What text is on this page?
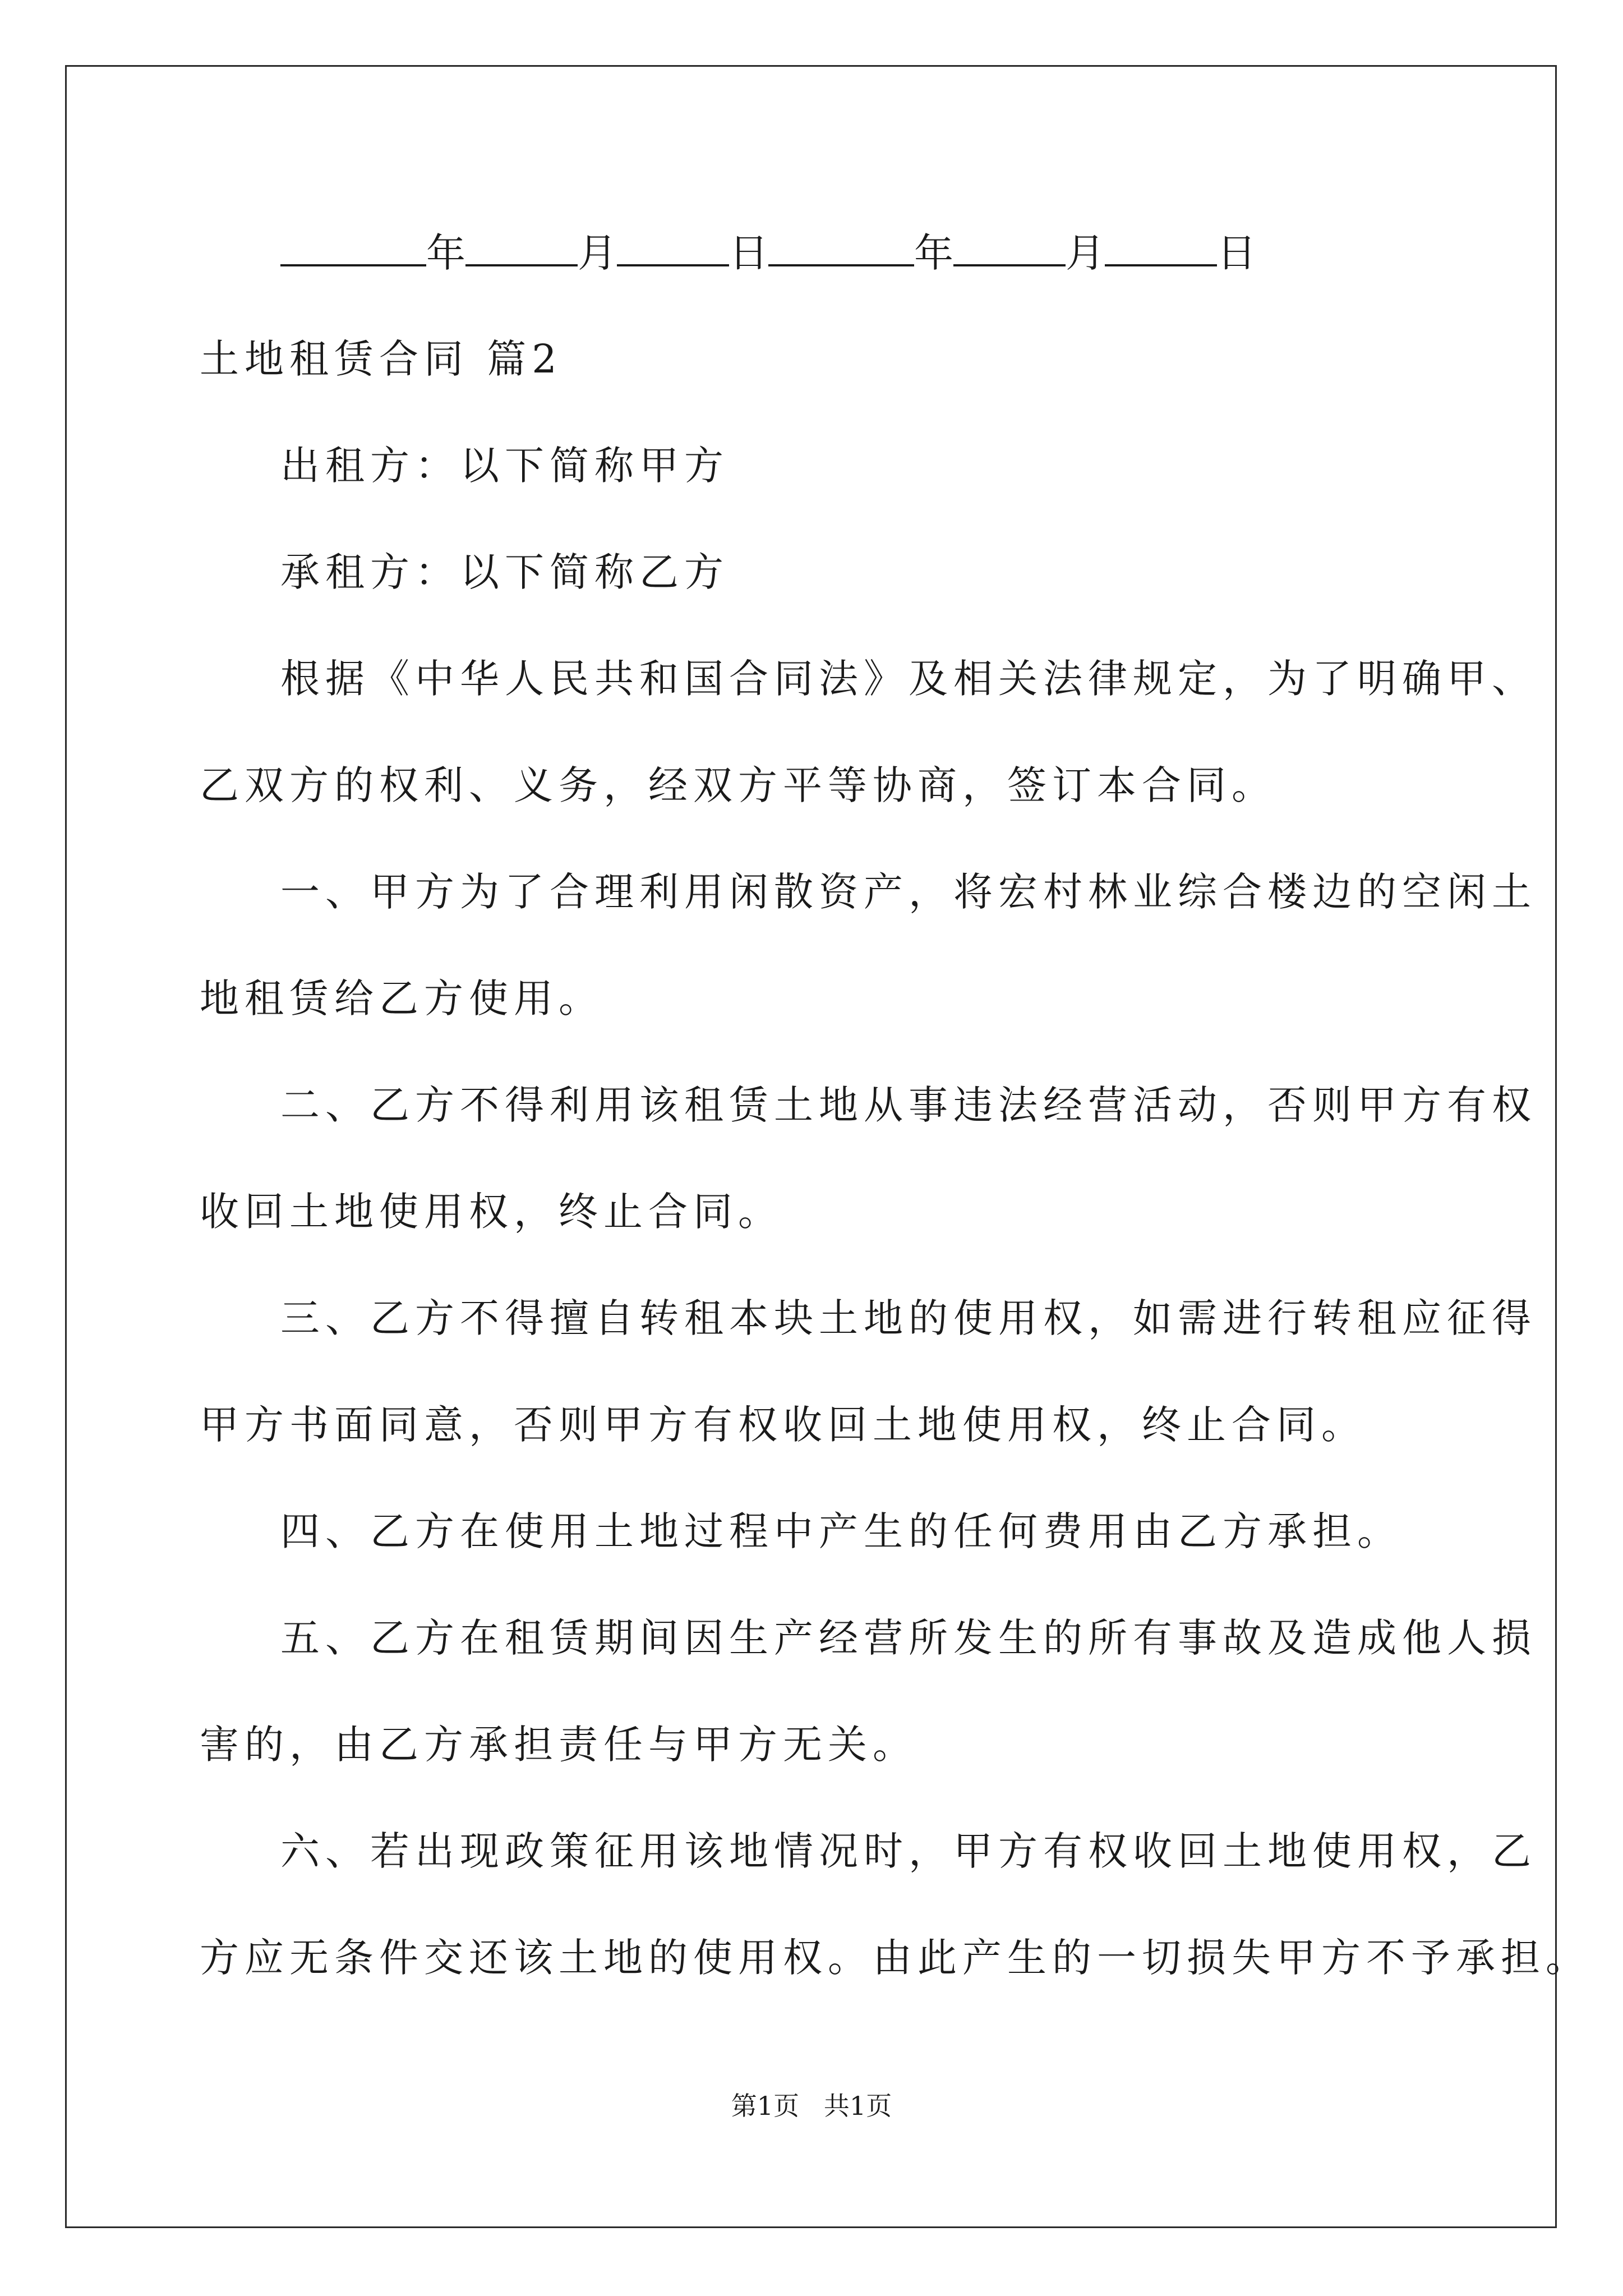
年	月	日	年	月	日
土地租赁合同 篇2
出租方：以下简称甲方
承租方：以下简称乙方
根据《中华人民共和国合同法》及相关法律规定，为了明确甲、
乙双方的权利、义务，经双方平等协商，签订本合同。
一、甲方为了合理利用闲散资产，将宏村林业综合楼边的空闲土
地租赁给乙方使用。
二、乙方不得利用该租赁土地从事违法经营活动，否则甲方有权
收回土地使用权，终止合同。
三、乙方不得擅自转租本块土地的使用权，如需进行转租应征得
甲方书面同意，否则甲方有权收回土地使用权，终止合同。
四、乙方在使用土地过程中产生的任何费用由乙方承担。
五、乙方在租赁期间因生产经营所发生的所有事故及造成他人损
害的，由乙方承担责任与甲方无关。
六、若出现政策征用该地情况时，甲方有权收回土地使用权，乙
方应无条件交还该土地的使用权。由此产生的一切损失甲方不予承担。
第1页   共1页
